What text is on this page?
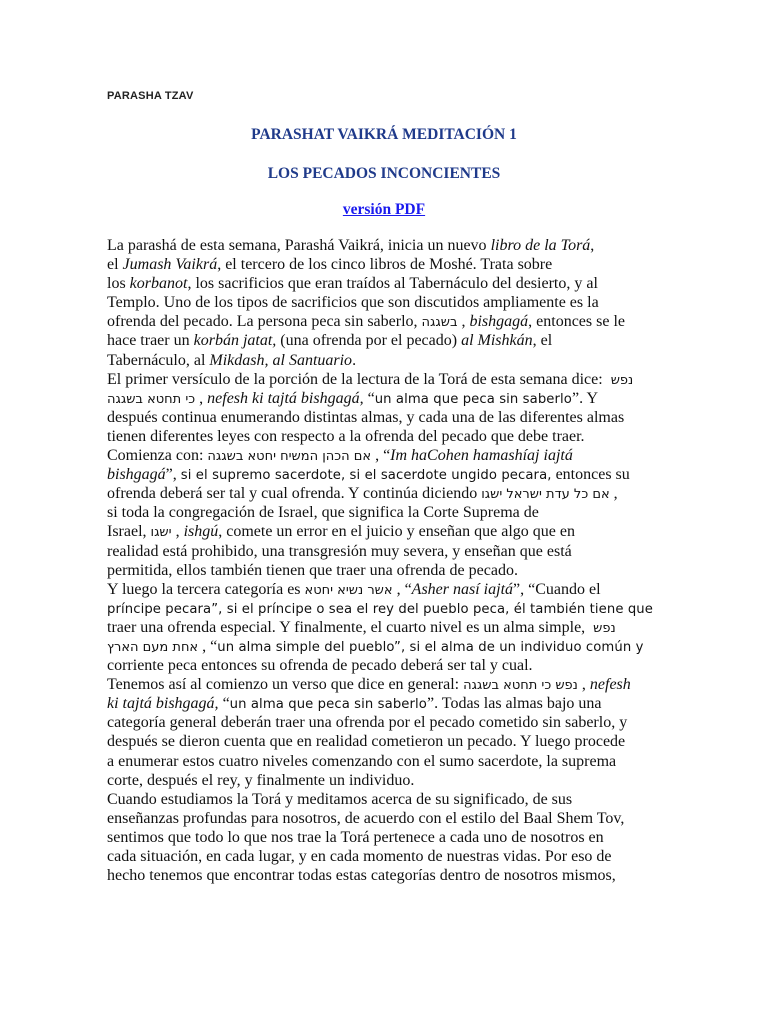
PARASHA TZAV
PARASHAT VAIKRÁ MEDITACIÓN 1
LOS PECADOS INCONCIENTES
versión PDF
La parashá de esta semana, Parashá Vaikrá, inicia un nuevo libro de la Torá,
el Jumash Vaikrá, el tercero de los cinco libros de Moshé. Trata sobre
los korbanot, los sacrificios que eran traídos al Tabernáculo del desierto, y al
Templo. Uno de los tipos de sacrificios que son discutidos ampliamente es la
ofrenda del pecado. La persona peca sin saberlo, בשגגה , bishgagá, entonces se le
hace traer un korbán jatat, (una ofrenda por el pecado) al Mishkán, el
Tabernáculo, al Mikdash, al Santuario.
El primer versículo de la porción de la lectura de la Torá de esta semana dice:  נפש
כי תחטא בשגגה , nefesh ki tajtá bishgagá, “un alma que peca sin saberlo”. Y
después continua enumerando distintas almas, y cada una de las diferentes almas
tienen diferentes leyes con respecto a la ofrenda del pecado que debe traer.
Comienza con: אם הכהן המשיח יחטא בשגגה , “Im haCohen hamashíaj iajtá
bishgagá”, si el supremo sacerdote, si el sacerdote ungido pecara, entonces su
ofrenda deberá ser tal y cual ofrenda. Y continúa diciendo אם כל עדת ישראל ישגו ,
si toda la congregación de Israel, que significa la Corte Suprema de
Israel, ישגו , ishgú, comete un error en el juicio y enseñan que algo que en
realidad está prohibido, una transgresión muy severa, y enseñan que está
permitida, ellos también tienen que traer una ofrenda de pecado.
Y luego la tercera categoría es אשר נשיא יחטא , “Asher nasí iajtá”, “Cuando el
príncipe pecara”, si el príncipe o sea el rey del pueblo peca, él también tiene que
traer una ofrenda especial. Y finalmente, el cuarto nivel es un alma simple,  נפש
אחת מעם הארץ , “un alma simple del pueblo”, si el alma de un individuo común y
corriente peca entonces su ofrenda de pecado deberá ser tal y cual.
Tenemos así al comienzo un verso que dice en general: נפש כי תחטא בשגגה , nefesh
ki tajtá bishgagá, “un alma que peca sin saberlo”. Todas las almas bajo una
categoría general deberán traer una ofrenda por el pecado cometido sin saberlo, y
después se dieron cuenta que en realidad cometieron un pecado. Y luego procede
a enumerar estos cuatro niveles comenzando con el sumo sacerdote, la suprema
corte, después el rey, y finalmente un individuo.
Cuando estudiamos la Torá y meditamos acerca de su significado, de sus
enseñanzas profundas para nosotros, de acuerdo con el estilo del Baal Shem Tov,
sentimos que todo lo que nos trae la Torá pertenece a cada uno de nosotros en
cada situación, en cada lugar, y en cada momento de nuestras vidas. Por eso de
hecho tenemos que encontrar todas estas categorías dentro de nosotros mismos,
